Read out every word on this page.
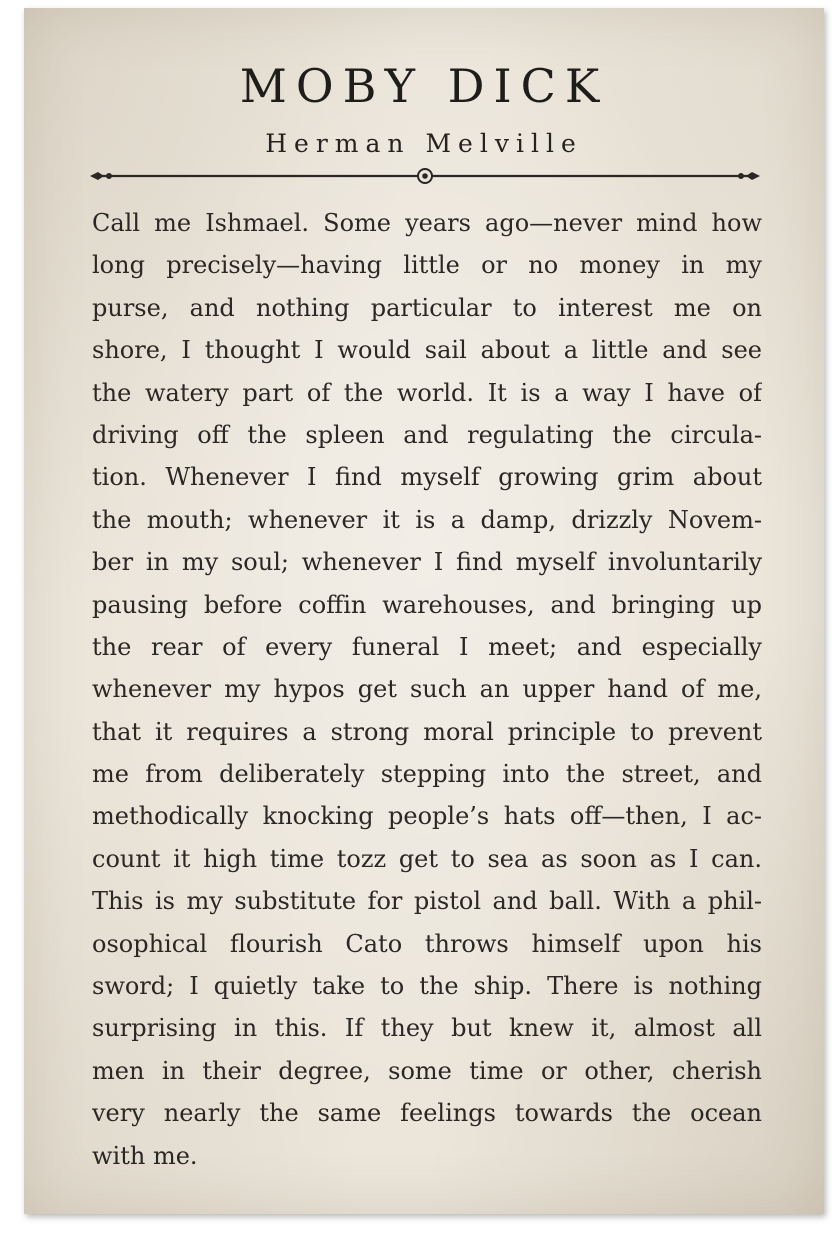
MOBY DICK
Herman Melville
Call me Ishmael. Some years ago—never mind how
long precisely—having little or no money in my
purse, and nothing particular to interest me on
shore, I thought I would sail about a little and see
the watery part of the world. It is a way I have of
driving off the spleen and regulating the circula-
tion. Whenever I find myself growing grim about
the mouth; whenever it is a damp, drizzly Novem-
ber in my soul; whenever I find myself involuntarily
pausing before coffin warehouses, and bringing up
the rear of every funeral I meet; and especially
whenever my hypos get such an upper hand of me,
that it requires a strong moral principle to prevent
me from deliberately stepping into the street, and
methodically knocking people’s hats off—then, I ac-
count it high time tozz get to sea as soon as I can.
This is my substitute for pistol and ball. With a phil-
osophical flourish Cato throws himself upon his
sword; I quietly take to the ship. There is nothing
surprising in this. If they but knew it, almost all
men in their degree, some time or other, cherish
very nearly the same feelings towards the ocean
with me.
